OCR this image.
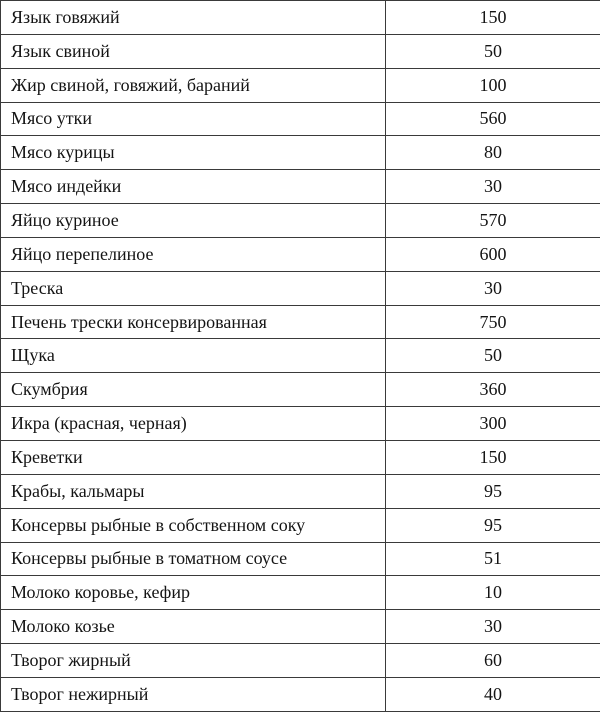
Язык говяжий	150
Язык свиной	50
Жир свиной, говяжий, бараний	100
Мясо утки	560
Мясо курицы	80
Мясо индейки	30
Яйцо куриное	570
Яйцо перепелиное	600
Треска	30
Печень трески консервированная	750
Щука	50
Скумбрия	360
Икра (красная, черная)	300
Креветки	150
Крабы, кальмары	95
Консервы рыбные в собственном соку	95
Консервы рыбные в томатном соусе	51
Молоко коровье, кефир	10
Молоко козье	30
Творог жирный	60
Творог нежирный	40
